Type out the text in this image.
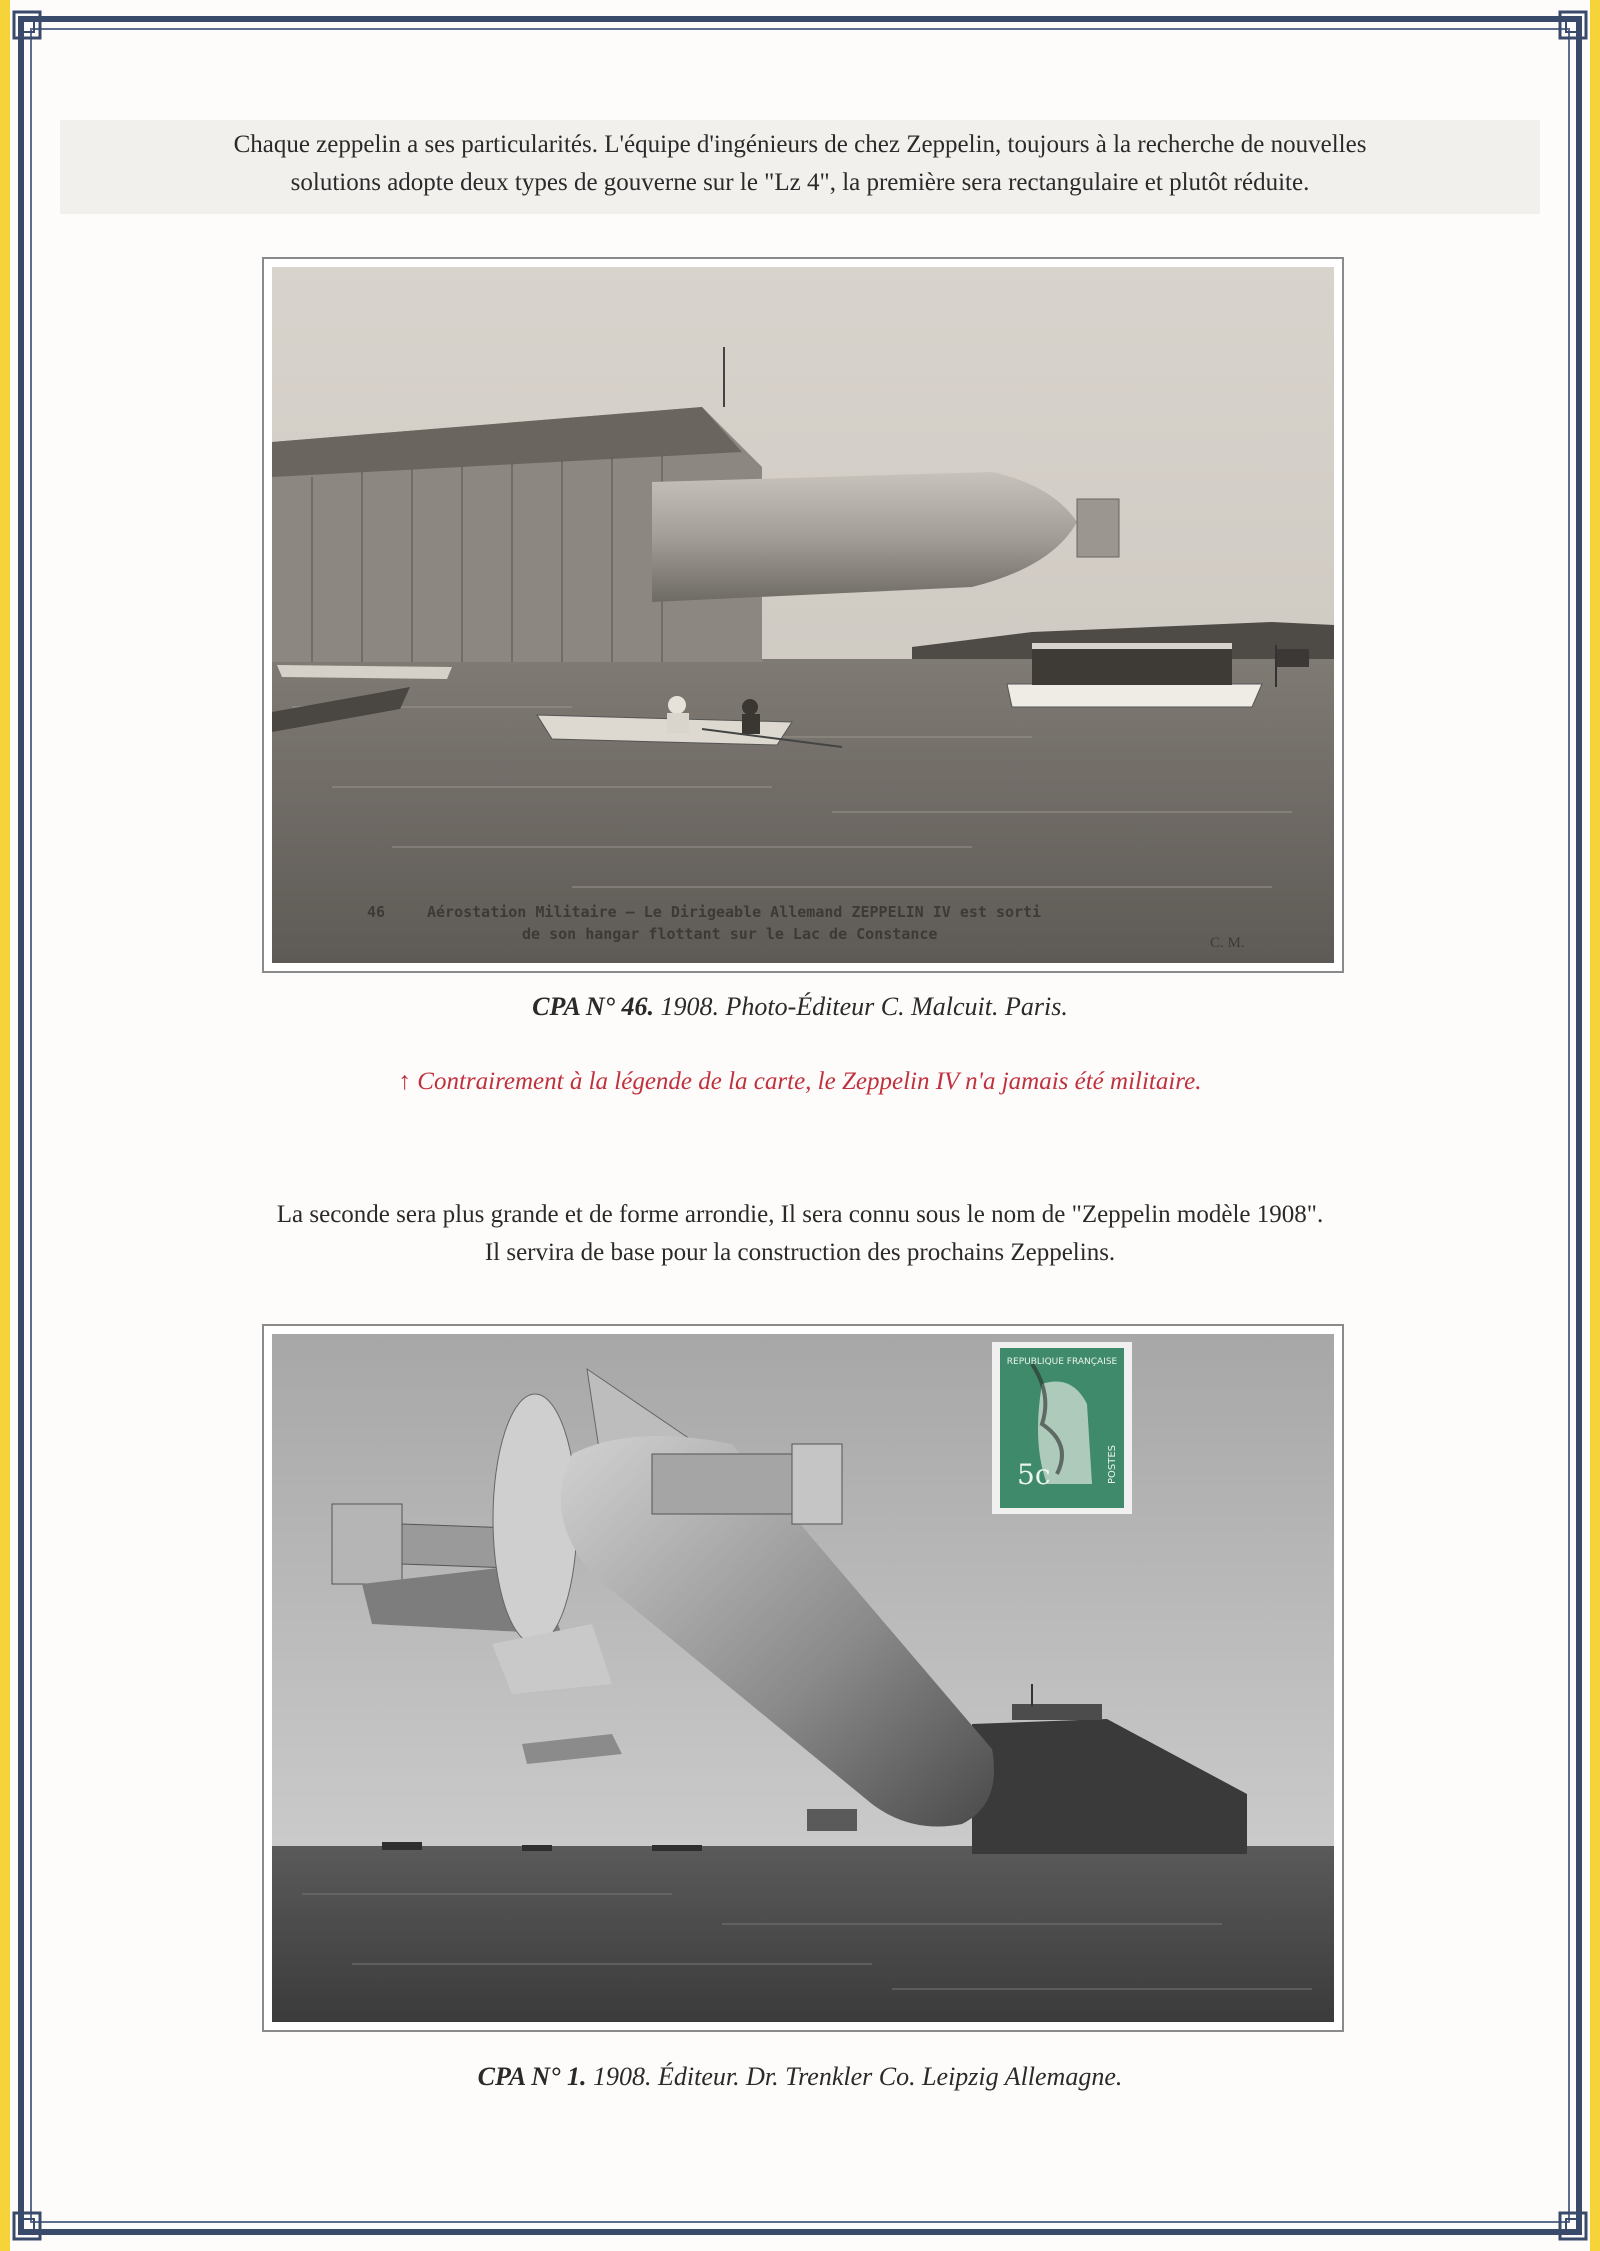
Chaque zeppelin a ses particularités. L'équipe d'ingénieurs de chez Zeppelin, toujours à la recherche de nouvelles
solutions adopte deux types de gouverne sur le "Lz 4", la première sera rectangulaire et plutôt réduite.
46	Aérostation Militaire — Le Dirigeable Allemand ZEPPELIN IV est sorti
de son hangar flottant sur le Lac de Constance	C. M.
CPA N° 46. 1908. Photo-Éditeur C. Malcuit. Paris.
↑ Contrairement à la légende de la carte, le Zeppelin IV n'a jamais été militaire.
La seconde sera plus grande et de forme arrondie, Il sera connu sous le nom de "Zeppelin modèle 1908".
Il servira de base pour la construction des prochains Zeppelins.
REPUBLIQUE FRANÇAISE
5c	POSTES
CPA N° 1. 1908. Éditeur. Dr. Trenkler Co. Leipzig Allemagne.
